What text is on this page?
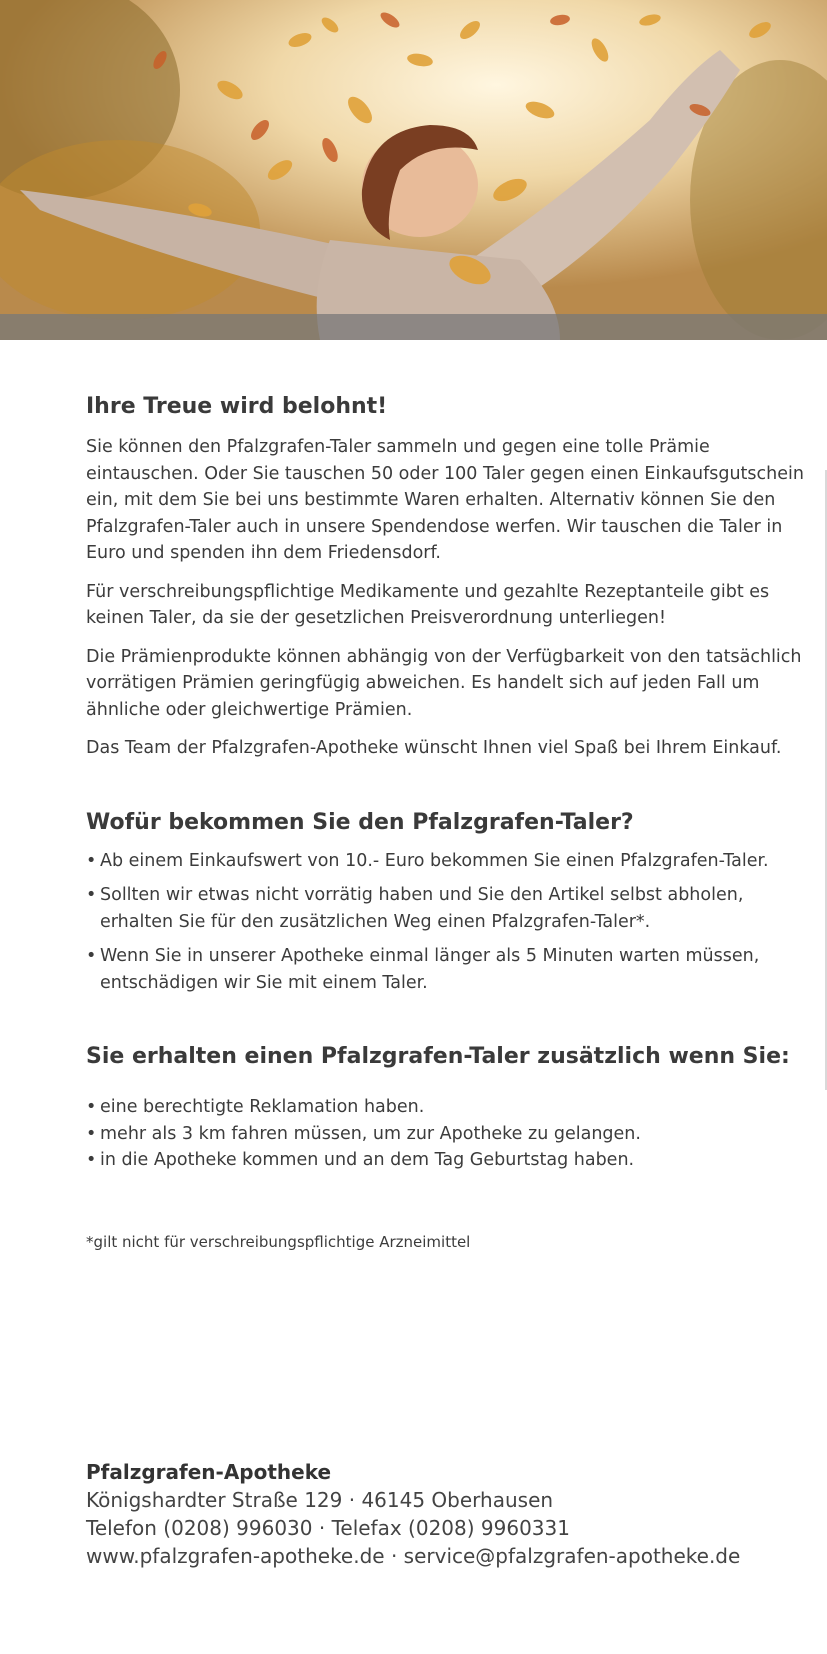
Ihre Treue wird belohnt!

Sie können den Pfalzgrafen-Taler sammeln und gegen eine tolle Prämie eintauschen. Oder Sie tauschen 50 oder 100 Taler gegen einen Einkaufsgutschein ein, mit dem Sie bei uns bestimmte Waren erhalten. Alternativ können Sie den Pfalzgrafen-Taler auch in unsere Spendendose werfen. Wir tauschen die Taler in Euro und spenden ihn dem Friedensdorf.

Für verschreibungspflichtige Medikamente und gezahlte Rezeptanteile gibt es keinen Taler, da sie der gesetzlichen Preisverordnung unterliegen!

Die Prämienprodukte können abhängig von der Verfügbarkeit von den tatsächlich vorrätigen Prämien geringfügig abweichen. Es handelt sich auf jeden Fall um ähnliche oder gleichwertige Prämien.

Das Team der Pfalzgrafen-Apotheke wünscht Ihnen viel Spaß bei Ihrem Einkauf.

Wofür bekommen Sie den Pfalzgrafen-Taler?
• Ab einem Einkaufswert von 10.- Euro bekommen Sie einen Pfalzgrafen-Taler.
• Sollten wir etwas nicht vorrätig haben und Sie den Artikel selbst abholen, erhalten Sie für den zusätzlichen Weg einen Pfalzgrafen-Taler*.
• Wenn Sie in unserer Apotheke einmal länger als 5 Minuten warten müssen, entschädigen wir Sie mit einem Taler.
Sie erhalten einen Pfalzgrafen-Taler zusätzlich wenn Sie:
• eine berechtigte Reklamation haben.
• mehr als 3 km fahren müssen, um zur Apotheke zu gelangen.
• in die Apotheke kommen und an dem Tag Geburtstag haben.

*gilt nicht für verschreibungspflichtige Arzneimittel

Pfalzgrafen-Apotheke
Königshardter Straße 129 · 46145 Oberhausen
Telefon (0208) 996030 · Telefax (0208) 9960331
www.pfalzgrafen-apotheke.de · service@pfalzgrafen-apotheke.de
